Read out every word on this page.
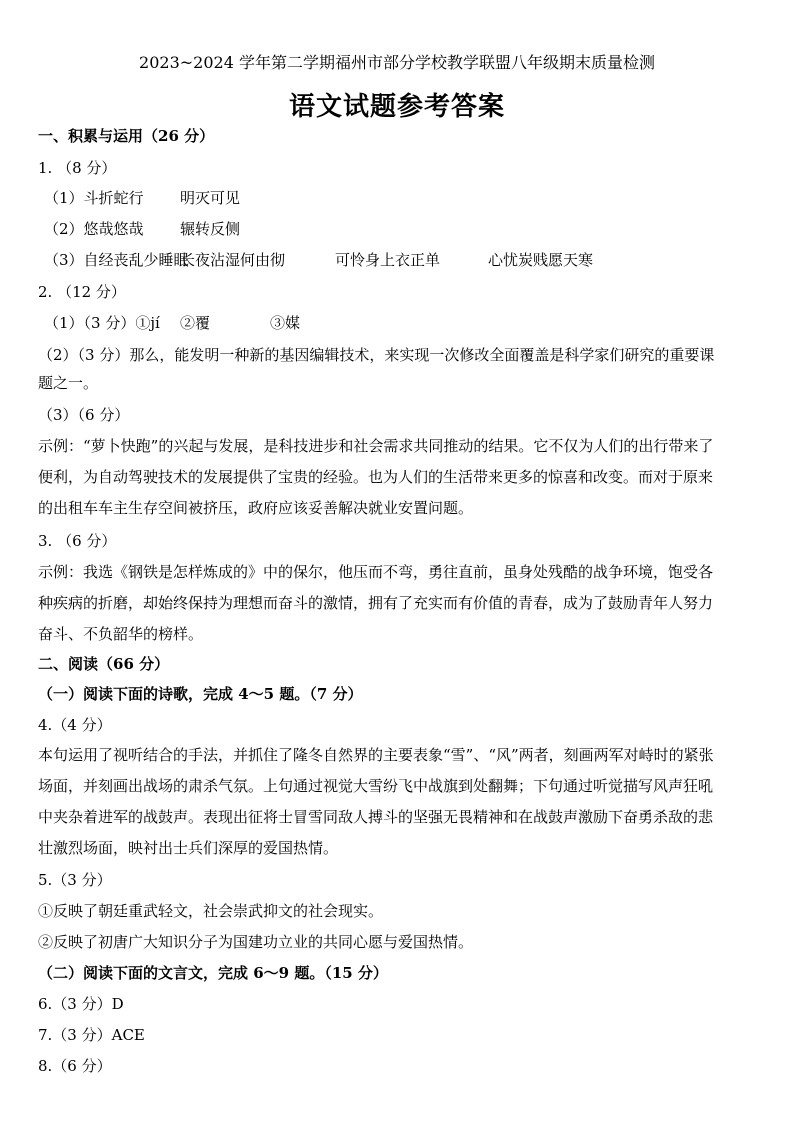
2023~2024 学年第二学期福州市部分学校教学联盟八年级期末质量检测
语文试题参考答案
一、积累与运用（26 分）
1. （8 分）
（1）斗折蛇行 明灭可见
（2）悠哉悠哉 辗转反侧
（3）自经丧乱少睡眠长夜沾湿何由彻	可怜身上衣正单	心忧炭贱愿天寒
2. （12 分）
（1）（3 分）①jí ②覆	③媒
（2）（3 分）那么，能发明一种新的基因编辑技术，来实现一次修改全面覆盖是科学家们研究的重要课
题之一。
（3）（6 分）
示例：“萝卜快跑”的兴起与发展，是科技进步和社会需求共同推动的结果。它不仅为人们的出行带来了
便利，为自动驾驶技术的发展提供了宝贵的经验。也为人们的生活带来更多的惊喜和改变。而对于原来
的出租车车主生存空间被挤压，政府应该妥善解决就业安置问题。
3. （6 分）
示例：我选《钢铁是怎样炼成的》中的保尔，他压而不弯，勇往直前，虽身处残酷的战争环境，饱受各
种疾病的折磨，却始终保持为理想而奋斗的激情，拥有了充实而有价值的青春，成为了鼓励青年人努力
奋斗、不负韶华的榜样。
二、阅读（66 分）
（一）阅读下面的诗歌，完成 4～5 题。（7 分）
4.（4 分）
本句运用了视听结合的手法，并抓住了隆冬自然界的主要表象“雪”、“风”两者，刻画两军对峙时的紧张
场面，并刻画出战场的肃杀气氛。上句通过视觉大雪纷飞中战旗到处翻舞；下句通过听觉描写风声狂吼
中夹杂着进军的战鼓声。表现出征将士冒雪同敌人搏斗的坚强无畏精神和在战鼓声激励下奋勇杀敌的悲
壮激烈场面，映衬出士兵们深厚的爱国热情。
5.（3 分）
①反映了朝廷重武轻文，社会崇武抑文的社会现实。
②反映了初唐广大知识分子为国建功立业的共同心愿与爱国热情。
（二）阅读下面的文言文，完成 6～9 题。（15 分）
6.（3 分）D
7.（3 分）ACE
8.（6 分）
